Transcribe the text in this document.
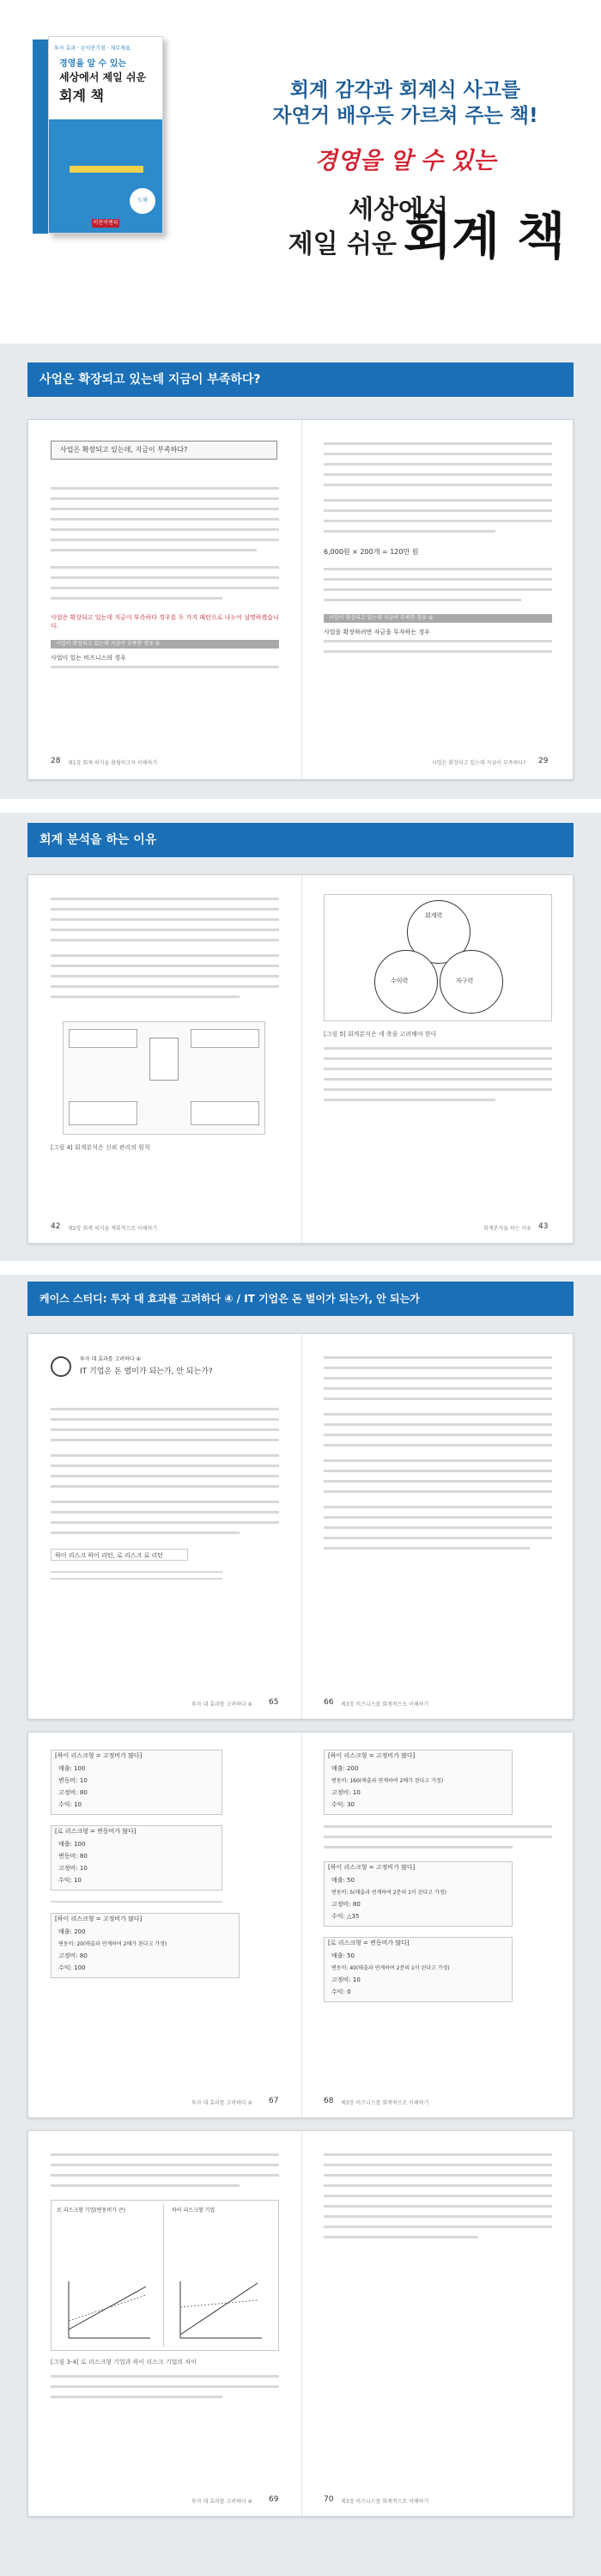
투자 효과 · 손익분기점 · 재무제표
경영을 알 수 있는
세상에서 제일 쉬운
회계 책
도해
비전비엔피
회계 감각과 회계식 사고를
자연거 배우듯 가르쳐 주는 책!
경영을 알 수 있는
세상에서
제일 쉬운 회계 책
사업은 확장되고 있는데 지금이 부족하다?
사업은 확장되고 있는데, 지금이 부족하다?
사업은 확장되고 있는데 지금이 부족하다 경우를 두 가지 패턴으로 나누어 설명하겠습니다.
사업이 확장되고 있는데 지금이 부족한 경우 ①
사업이 있는 비즈니스의 경우
28 제1장 회계 의식을 확립하고자 이해하기
6,000원 × 200개 = 120만 원
사업이 확장되고 있는데 지금이 부족한 경우 ②
사업을 확장하려면 자금을 투자하는 경우
사업은 확장되고 있는데 지금이 부족하다? 29
회계 분석을 하는 이유
[그림 4] 회계분석은 신뢰 관리의 원칙
42 제2장 회계 의식을 계획적으로 이해하기
회계력
수익력	자구력
[그림 5] 회계분석은 세 축을 고려해야 한다
회계분석을 하는 이유 43
케이스 스터디: 투자 대 효과를 고려하다 ④ / IT 기업은 돈 벌이가 되는가, 안 되는가
투자 대 효과를 고려하다 ④
IT 기업은 돈 벌이가 되는가, 안 되는가?
하이 리스크 하이 리턴, 로 리스크 로 리턴
투자 대 효과를 고려하다 ④ 65	66 제3장 비즈니스를 회계적으로 이해하기
[하이 리스크형 = 고정비가 많다]
매출: 100
변동비: 10
고정비: 80
수익: 10
[로 리스크형 = 변동비가 많다]
매출: 100
변동비: 80
고정비: 10
수익: 10
[하이 리스크형 = 고정비가 많다]
매출: 200
변동비: 20(매출과 연계하여 2배가 된다고 가정)
고정비: 80
수익: 100
투자 대 효과를 고려하다 ④ 67
[하이 리스크형 = 고정비가 많다]
매출: 200
변동비: 160(매출과 연계하여 2배가 된다고 가정)
고정비: 10
수익: 30
[하이 리스크형 = 고정비가 많다]
매출: 50
변동비: 5(매출과 연계하여 2분의 1이 된다고 가정)
고정비: 80
수익: △35
[로 리스크형 = 변동비가 많다]
매출: 50
변동비: 40(매출과 연계하여 2분의 1이 된다고 가정)
고정비: 10
수익: 0
68 제3장 비즈니스를 회계적으로 이해하기
로 리스크형 기업(변동비가 큰)	하이 리스크형 기업
[그림 3-4] 로 리스크형 기업과 하이 리스크 기업의 차이
투자 대 효과를 고려하다 ④ 69	70 제3장 비즈니스를 회계적으로 이해하기
